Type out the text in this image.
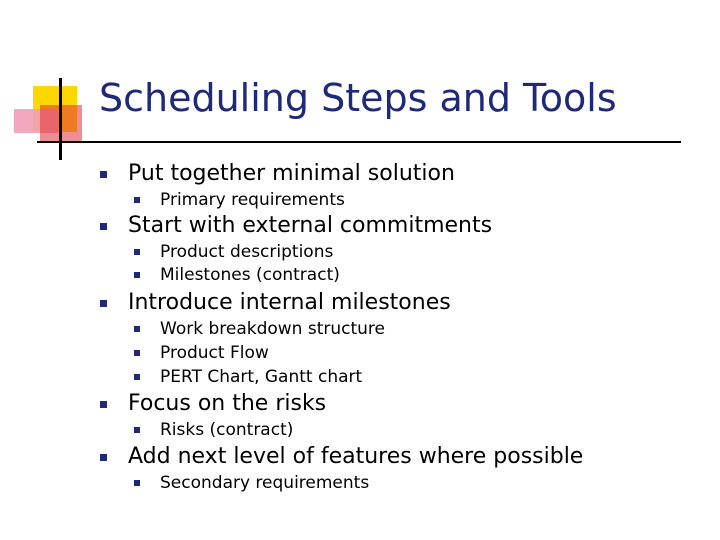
Scheduling Steps and Tools
Put together minimal solution
Primary requirements
Start with external commitments
Product descriptions
Milestones (contract)
Introduce internal milestones
Work breakdown structure
Product Flow
PERT Chart, Gantt chart
Focus on the risks
Risks (contract)
Add next level of features where possible
Secondary requirements
